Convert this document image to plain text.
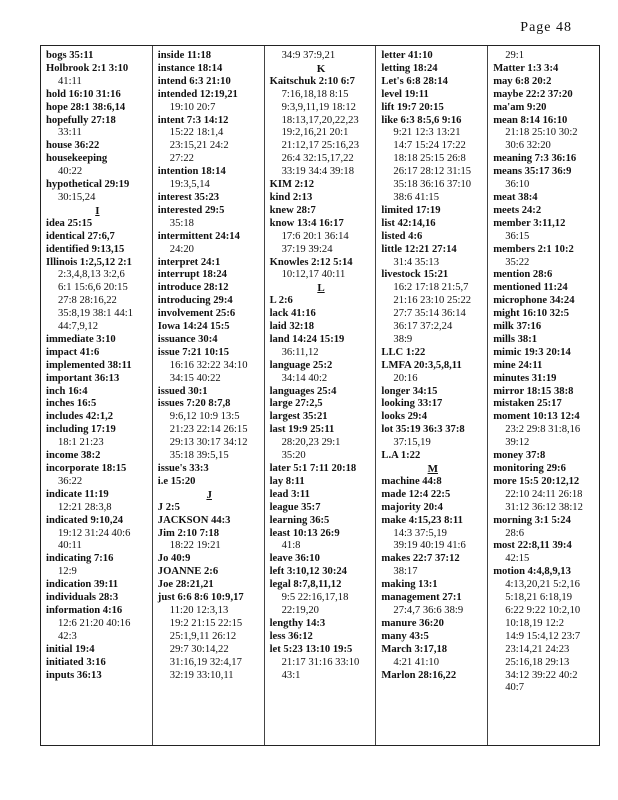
Page 48
bogs 35:11
Holbrook 2:1 3:10
41:11
hold 16:10 31:16
hope 28:1 38:6,14
hopefully 27:18
33:11
house 36:22
housekeeping
40:22
hypothetical 29:19
30:15,24
I
idea 25:15
identical 27:6,7
identified 9:13,15
Illinois 1:2,5,12 2:1
2:3,4,8,13 3:2,6
6:1 15:6,6 20:15
27:8 28:16,22
35:8,19 38:1 44:1
44:7,9,12
immediate 3:10
impact 41:6
implemented 38:11
important 36:13
inch 16:4
inches 16:5
includes 42:1,2
including 17:19
18:1 21:23
income 38:2
incorporate 18:15
36:22
indicate 11:19
12:21 28:3,8
indicated 9:10,24
19:12 31:24 40:6
40:11
indicating 7:16
12:9
indication 39:11
individuals 28:3
information 4:16
12:6 21:20 40:16
42:3
initial 19:4
initiated 3:16
inputs 36:13
inside 11:18
instance 18:14
intend 6:3 21:10
intended 12:19,21
19:10 20:7
intent 7:3 14:12
15:22 18:1,4
23:15,21 24:2
27:22
intention 18:14
19:3,5,14
interest 35:23
interested 29:5
35:18
intermittent 24:14
24:20
interpret 24:1
interrupt 18:24
introduce 28:12
introducing 29:4
involvement 25:6
Iowa 14:24 15:5
issuance 30:4
issue 7:21 10:15
16:16 32:22 34:10
34:15 40:22
issued 30:1
issues 7:20 8:7,8
9:6,12 10:9 13:5
21:23 22:14 26:15
29:13 30:17 34:12
35:18 39:5,15
issue's 33:3
i.e 15:20
J
J 2:5
JACKSON 44:3
Jim 2:10 7:18
18:22 19:21
Jo 40:9
JOANNE 2:6
Joe 28:21,21
just 6:6 8:6 10:9,17
11:20 12:3,13
19:2 21:15 22:15
25:1,9,11 26:12
29:7 30:14,22
31:16,19 32:4,17
32:19 33:10,11
34:9 37:9,21
K
Kaitschuk 2:10 6:7
7:16,18,18 8:15
9:3,9,11,19 18:12
18:13,17,20,22,23
19:2,16,21 20:1
21:12,17 25:16,23
26:4 32:15,17,22
33:19 34:4 39:18
KIM 2:12
kind 2:13
knew 28:7
know 13:4 16:17
17:6 20:1 36:14
37:19 39:24
Knowles 2:12 5:14
10:12,17 40:11
L
L 2:6
lack 41:16
laid 32:18
land 14:24 15:19
36:11,12
language 25:2
34:14 40:2
languages 25:4
large 27:2,5
largest 35:21
last 19:9 25:11
28:20,23 29:1
35:20
later 5:1 7:11 20:18
lay 8:11
lead 3:11
league 35:7
learning 36:5
least 10:13 26:9
41:8
leave 36:10
left 3:10,12 30:24
legal 8:7,8,11,12
9:5 22:16,17,18
22:19,20
lengthy 14:3
less 36:12
let 5:23 13:10 19:5
21:17 31:16 33:10
43:1
letter 41:10
letting 18:24
Let's 6:8 28:14
level 19:11
lift 19:7 20:15
like 6:3 8:5,6 9:16
9:21 12:3 13:21
14:7 15:24 17:22
18:18 25:15 26:8
26:17 28:12 31:15
35:18 36:16 37:10
38:6 41:15
limited 17:19
list 42:14,16
listed 4:6
little 12:21 27:14
31:4 35:13
livestock 15:21
16:2 17:18 21:5,7
21:16 23:10 25:22
27:7 35:14 36:14
36:17 37:2,24
38:9
LLC 1:22
LMFA 20:3,5,8,11
20:16
longer 34:15
looking 33:17
looks 29:4
lot 35:19 36:3 37:8
37:15,19
L.A 1:22
M
machine 44:8
made 12:4 22:5
majority 20:4
make 4:15,23 8:11
14:3 37:5,19
39:19 40:19 41:6
makes 22:7 37:12
38:17
making 13:1
management 27:1
27:4,7 36:6 38:9
manure 36:20
many 43:5
March 3:17,18
4:21 41:10
Marlon 28:16,22
29:1
Matter 1:3 3:4
may 6:8 20:2
maybe 22:2 37:20
ma'am 9:20
mean 8:14 16:10
21:18 25:10 30:2
30:6 32:20
meaning 7:3 36:16
means 35:17 36:9
36:10
meat 38:4
meets 24:2
member 3:11,12
36:15
members 2:1 10:2
35:22
mention 28:6
mentioned 11:24
microphone 34:24
might 16:10 32:5
milk 37:16
mills 38:1
mimic 19:3 20:14
mine 24:11
minutes 31:19
mirror 18:15 38:8
mistaken 25:17
moment 10:13 12:4
23:2 29:8 31:8,16
39:12
money 37:8
monitoring 29:6
more 15:5 20:12,12
22:10 24:11 26:18
31:12 36:12 38:12
morning 3:1 5:24
28:6
most 22:8,11 39:4
42:15
motion 4:4,8,9,13
4:13,20,21 5:2,16
5:18,21 6:18,19
6:22 9:22 10:2,10
10:18,19 12:2
14:9 15:4,12 23:7
23:14,21 24:23
25:16,18 29:13
34:12 39:22 40:2
40:7
